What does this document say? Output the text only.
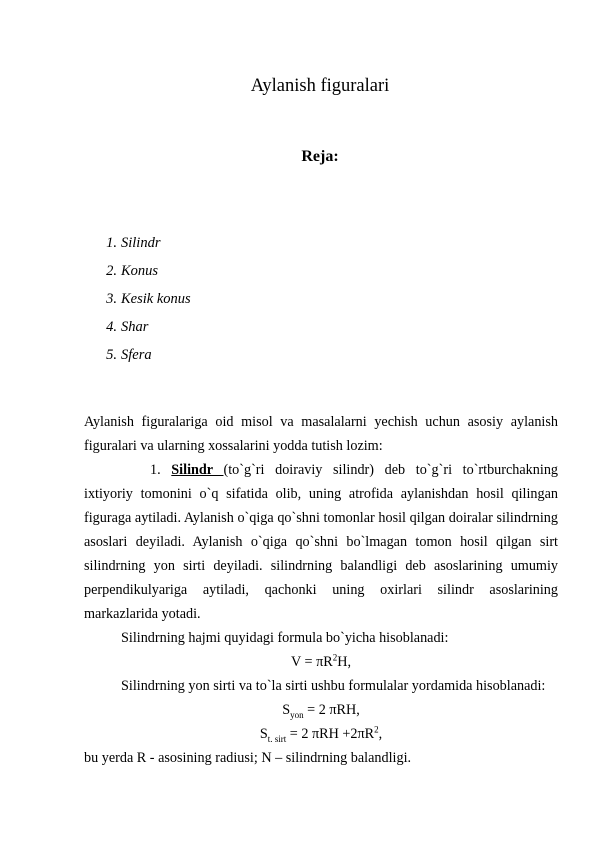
Aylanish figuralari
Reja:
1. Silindr
2. Konus
3. Kesik konus
4. Shar
5. Sfera

Aylanish figuralariga oid misol va masalalarni yechish uchun asosiy aylanish figuralari va ularning xossalarini yodda tutish lozim:

1. Silindr (to`g`ri doiraviy silindr) deb to`g`ri to`rtburchakning ixtiyoriy tomonini o`q sifatida olib, uning atrofida aylanishdan hosil qilingan figuraga aytiladi. Aylanish o`qiga qo`shni tomonlar hosil qilgan doiralar silindrning asoslari deyiladi. Aylanish o`qiga qo`shni bo`lmagan tomon hosil qilgan sirt silindrning yon sirti deyiladi. silindrning balandligi deb asoslarining umumiy perpendikulyariga aytiladi, qachonki uning oxirlari silindr asoslarining markazlarida yotadi.

Silindrning hajmi quyidagi formula bo`yicha hisoblanadi:

$V = \pi R^2H$,

Silindrning yon sirti va to`la sirti ushbu formulalar yordamida hisoblanadi:

$S_{yon} = 2$ πRH,

$S_{t. sirt} = 2$ $\pi RH +2\pi R^2$,

bu yerda R - asosining radiusi; N – silindrning balandligi.
